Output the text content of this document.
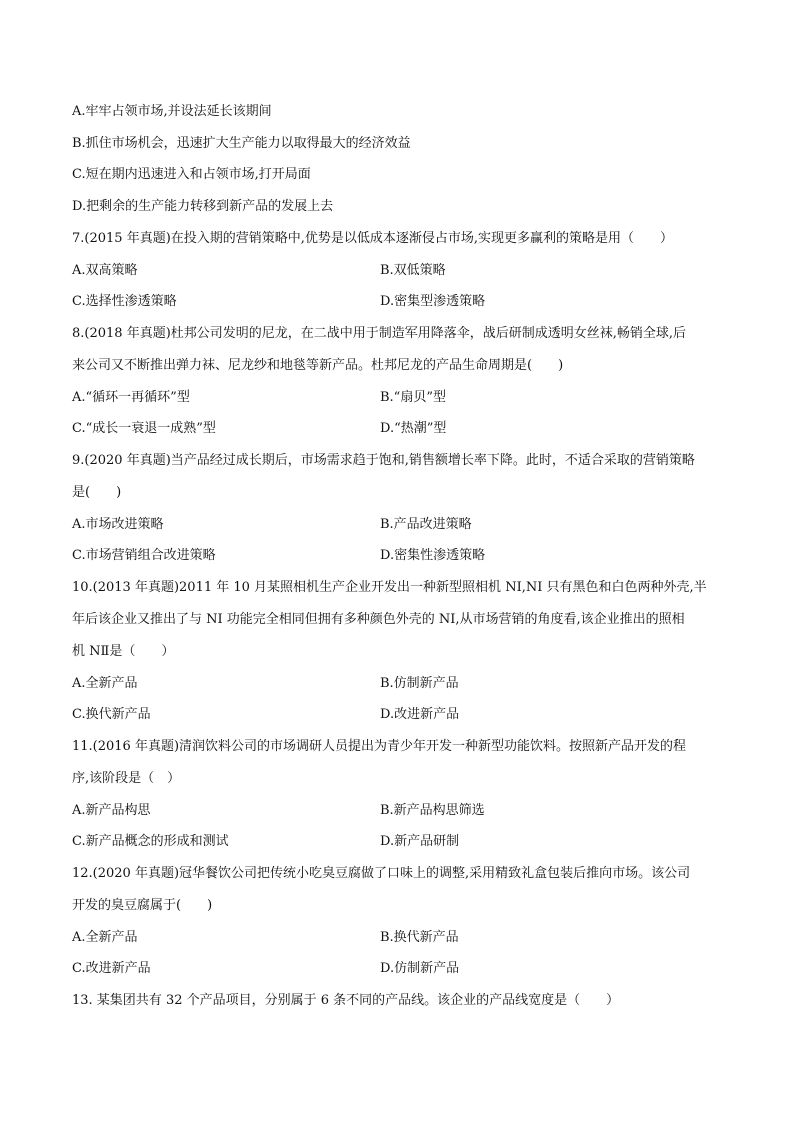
A.牢牢占领市场,并设法延长该期间
B.抓住市场机会，迅速扩大生产能力以取得最大的经济效益
C.短在期内迅速进入和占领市场,打开局面
D.把剩余的生产能力转移到新产品的发展上去
7.(2015 年真题)在投入期的营销策略中,优势是以低成本逐渐侵占市场,实现更多赢利的策略是用（　　）
A.双高策略	B.双低策略
C.选择性渗透策略	D.密集型渗透策略
8.(2018 年真题)杜邦公司发明的尼龙，在二战中用于制造军用降落伞，战后研制成透明女丝袜,畅销全球,后
来公司又不断推出弹力袜、尼龙纱和地毯等新产品。杜邦尼龙的产品生命周期是(　　)
A.“循环一再循环”型	B.“扇贝”型
C.“成长一衰退一成熟”型	D.“热潮”型
9.(2020 年真题)当产品经过成长期后，市场需求趋于饱和,销售额增长率下降。此时，不适合采取的营销策略
是(　　)
A.市场改进策略	B.产品改进策略
C.市场营销组合改进策略	D.密集性渗透策略
10.(2013 年真题)2011 年 10 月某照相机生产企业开发出一种新型照相机 NI,NI 只有黑色和白色两种外壳,半
年后该企业又推出了与 NI 功能完全相同但拥有多种颜色外壳的 NI,从市场营销的角度看,该企业推出的照相
机 NⅡ是（　　）
A.全新产品	B.仿制新产品
C.换代新产品	D.改进新产品
11.(2016 年真题)清润饮料公司的市场调研人员提出为青少年开发一种新型功能饮料。按照新产品开发的程
序,该阶段是（　）
A.新产品构思	B.新产品构思筛选
C.新产品概念的形成和测试	D.新产品研制
12.(2020 年真题)冠华餐饮公司把传统小吃臭豆腐做了口味上的调整,采用精致礼盒包装后推向市场。该公司
开发的臭豆腐属于(　　)
A.全新产品	B.换代新产品
C.改进新产品	D.仿制新产品
13. 某集团共有 32 个产品项目，分别属于 6 条不同的产品线。该企业的产品线宽度是（　　）
